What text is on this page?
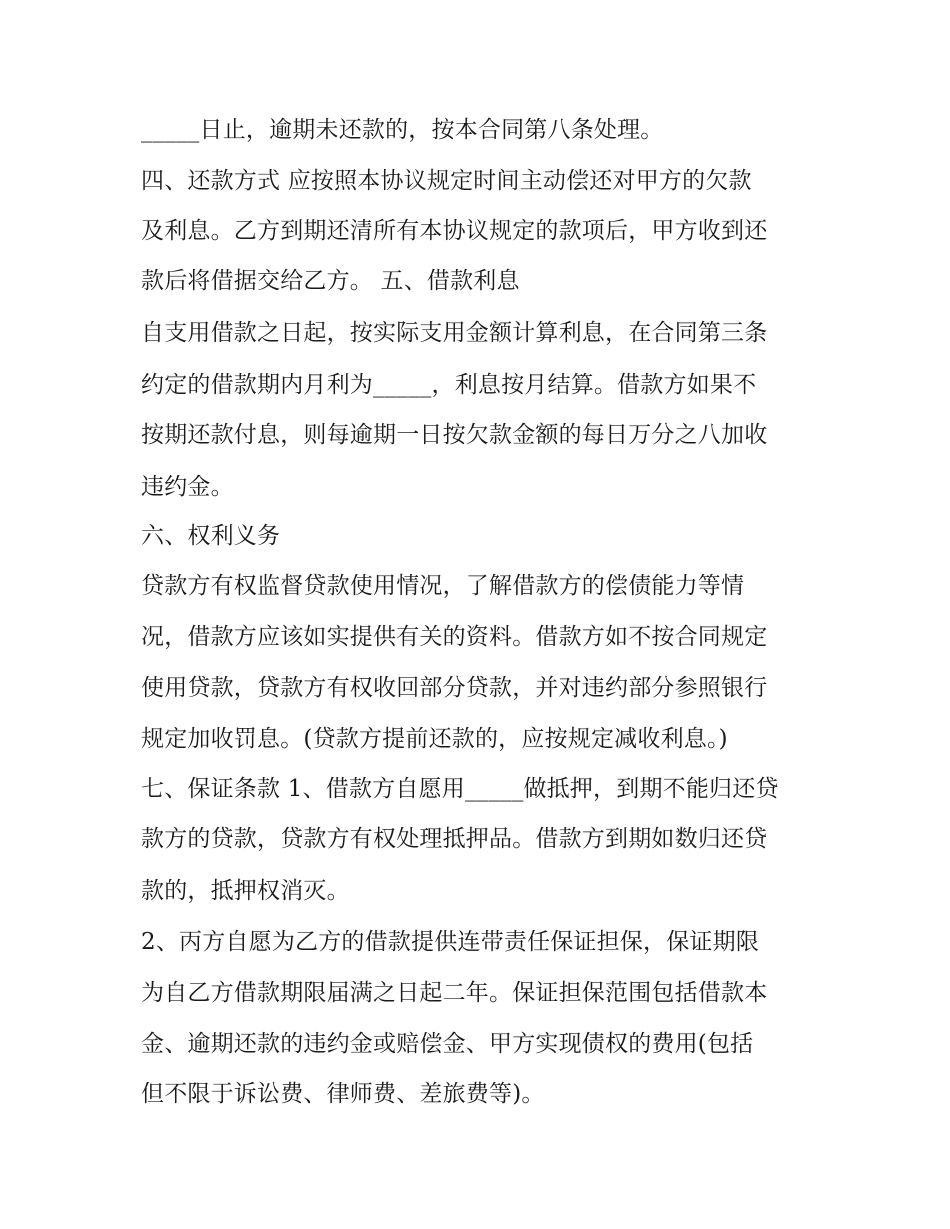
_____日止，逾期未还款的，按本合同第八条处理。
四、还款方式 应按照本协议规定时间主动偿还对甲方的欠款
及利息。乙方到期还清所有本协议规定的款项后，甲方收到还
款后将借据交给乙方。 五、借款利息
自支用借款之日起，按实际支用金额计算利息，在合同第三条
约定的借款期内月利为_____，利息按月结算。借款方如果不
按期还款付息，则每逾期一日按欠款金额的每日万分之八加收
违约金。
六、权利义务
贷款方有权监督贷款使用情况，了解借款方的偿债能力等情
况，借款方应该如实提供有关的资料。借款方如不按合同规定
使用贷款，贷款方有权收回部分贷款，并对违约部分参照银行
规定加收罚息。(贷款方提前还款的，应按规定减收利息。)
七、保证条款 1、借款方自愿用_____做抵押，到期不能归还贷
款方的贷款，贷款方有权处理抵押品。借款方到期如数归还贷
款的，抵押权消灭。
2、丙方自愿为乙方的借款提供连带责任保证担保，保证期限
为自乙方借款期限届满之日起二年。保证担保范围包括借款本
金、逾期还款的违约金或赔偿金、甲方实现债权的费用(包括
但不限于诉讼费、律师费、差旅费等)。
